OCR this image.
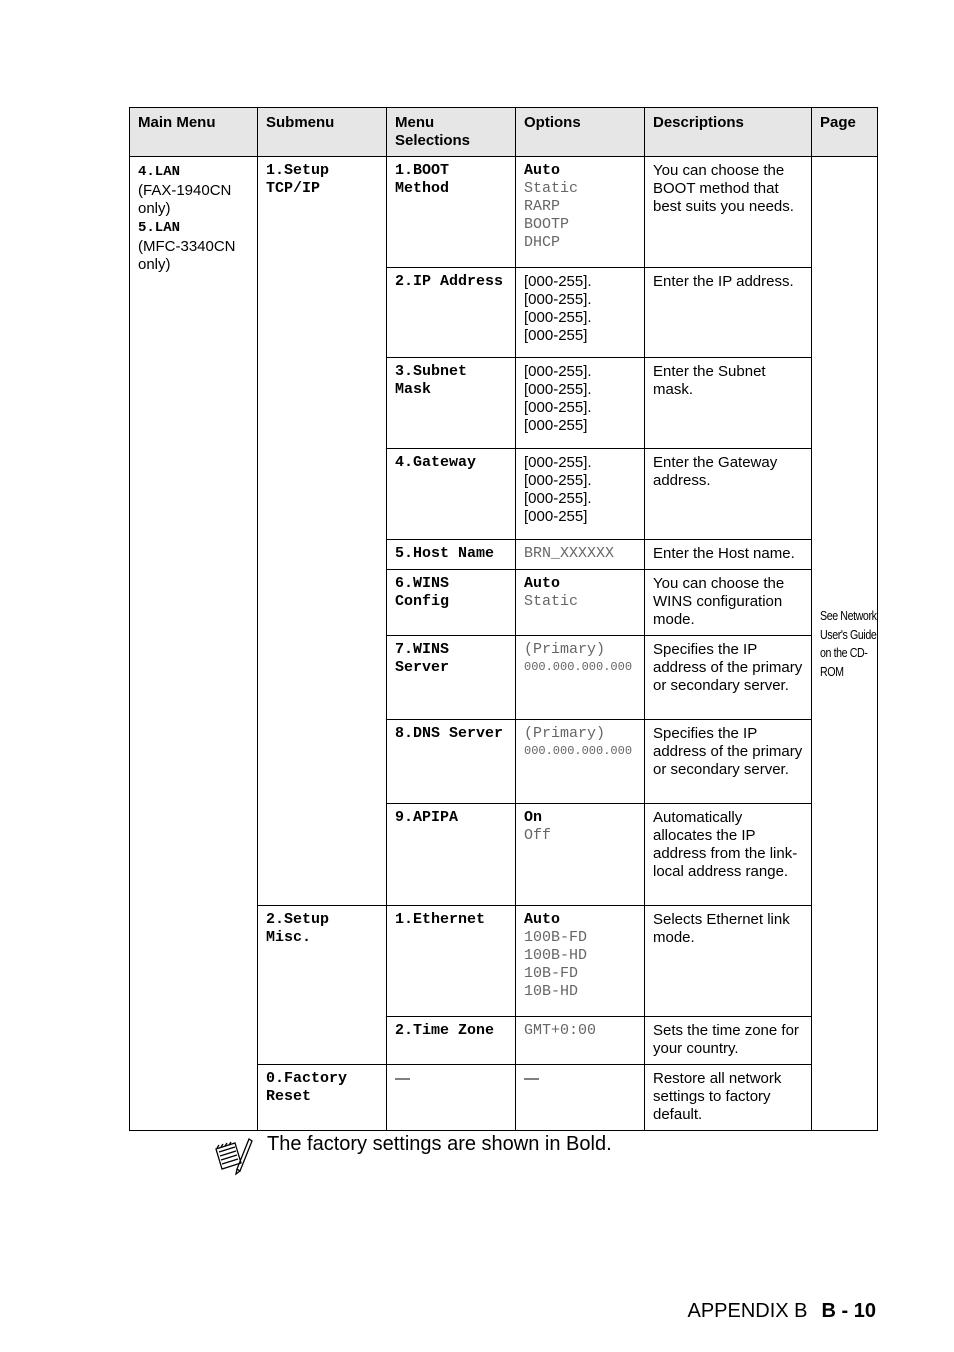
Main Menu	Submenu	Menu Selections	Options	Descriptions	Page
4.LAN
(FAX-1940CN only)
5.LAN
(MFC-3340CN only)	1.Setup TCP/IP	1.BOOT Method	Auto
Static
RARP
BOOTP
DHCP	You can choose the BOOT method that best suits you needs.	See Network User's Guide on the CD-ROM

		2.IP Address	[000-255].
[000-255].
[000-255].
[000-255]	Enter the IP address.	
		3.Subnet Mask	[000-255].
[000-255].
[000-255].
[000-255]	Enter the Subnet mask.	
		4.Gateway	[000-255].
[000-255].
[000-255].
[000-255]	Enter the Gateway address.	
		5.Host Name	BRN_XXXXXX	Enter the Host name.	
		6.WINS Config	Auto
Static	You can choose the WINS configuration mode.	
		7.WINS Server	(Primary)
000.000.000.000	Specifies the IP address of the primary or secondary server.	
		8.DNS Server	(Primary)
000.000.000.000	Specifies the IP address of the primary or secondary server.	
		9.APIPA	On
Off	Automatically allocates the IP address from the link-local address range.	
	2.Setup Misc.	1.Ethernet	Auto
100B-FD
100B-HD
10B-FD
10B-HD	Selects Ethernet link mode.	
		2.Time Zone	GMT+0:00	Sets the time zone for your country.	
	0.Factory Reset	—	—	Restore all network settings to factory default.	
The factory settings are shown in Bold.
APPENDIX B B - 10
